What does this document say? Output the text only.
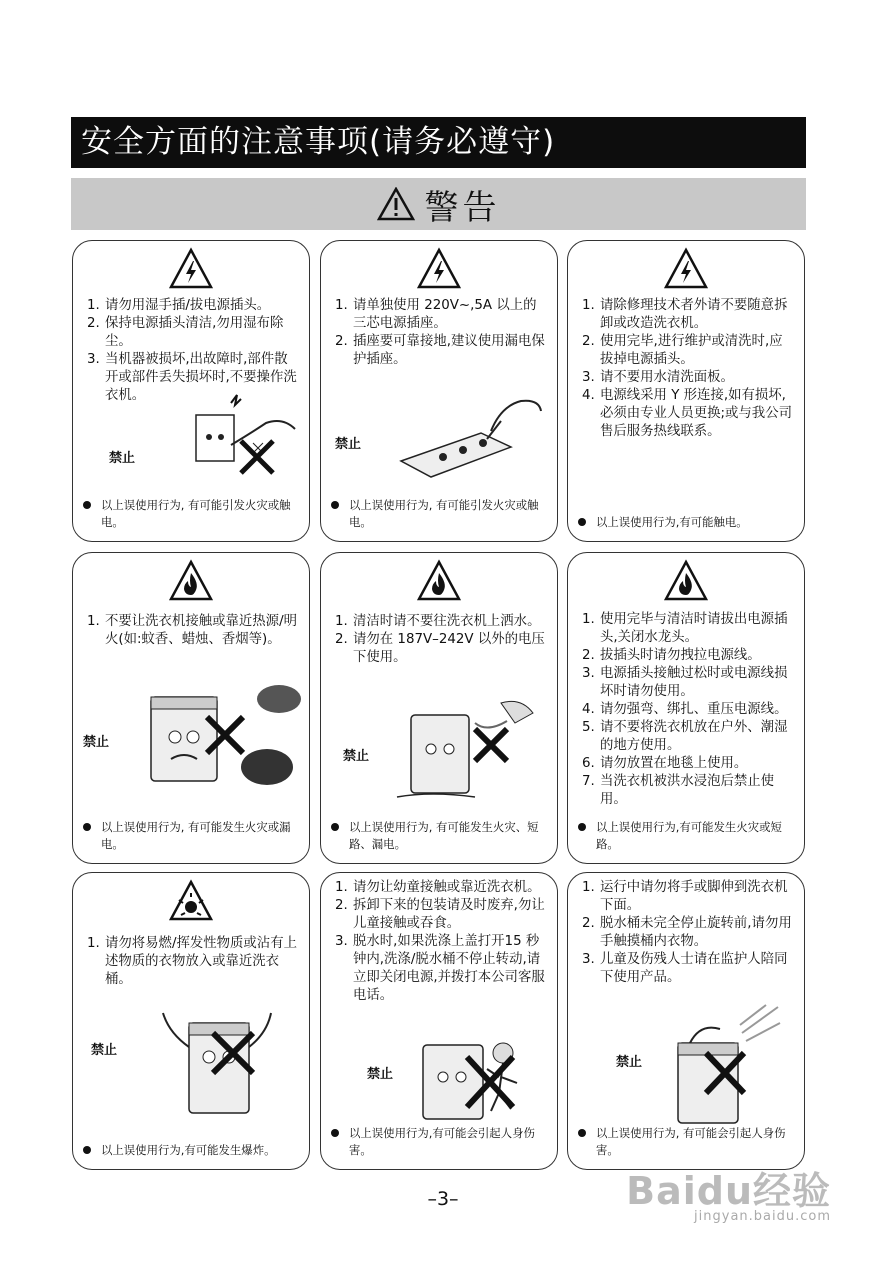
安全方面的注意事项(请务必遵守)
警告
1. 请勿用湿手插/拔电源插头。
2. 保持电源插头清洁,勿用湿布除尘。
3. 当机器被损坏,出故障时,部件散开或部件丢失损坏时,不要操作洗衣机。
禁止
以上误使用行为, 有可能引发火灾或触电。
1. 请单独使用 220V~,5A 以上的三芯电源插座。
2. 插座要可靠接地,建议使用漏电保护插座。
禁止
以上误使用行为, 有可能引发火灾或触电。
1. 请除修理技术者外请不要随意拆卸或改造洗衣机。
2. 使用完毕,进行维护或清洗时,应拔掉电源插头。
3. 请不要用水清洗面板。
4. 电源线采用 Y 形连接,如有损坏,必须由专业人员更换;或与我公司售后服务热线联系。
以上误使用行为,有可能触电。
1. 不要让洗衣机接触或靠近热源/明火(如:蚊香、蜡烛、香烟等)。
禁止
以上误使用行为, 有可能发生火灾或漏电。
1. 清洁时请不要往洗衣机上洒水。
2. 请勿在 187V–242V 以外的电压下使用。
禁止
以上误使用行为, 有可能发生火灾、短路、漏电。
1. 使用完毕与清洁时请拔出电源插头,关闭水龙头。
2. 拔插头时请勿拽拉电源线。
3. 电源插头接触过松时或电源线损坏时请勿使用。
4. 请勿强弯、绑扎、重压电源线。
5. 请不要将洗衣机放在户外、潮湿的地方使用。
6. 请勿放置在地毯上使用。
7. 当洗衣机被洪水浸泡后禁止使用。
以上误使用行为,有可能发生火灾或短路。
1. 请勿将易燃/挥发性物质或沾有上述物质的衣物放入或靠近洗衣桶。
禁止
以上误使用行为,有可能发生爆炸。
1. 请勿让幼童接触或靠近洗衣机。
2. 拆卸下来的包装请及时废弃,勿让儿童接触或吞食。
3. 脱水时,如果洗涤上盖打开15 秒钟内,洗涤/脱水桶不停止转动,请立即关闭电源,并拨打本公司客服电话。
禁止
以上误使用行为,有可能会引起人身伤害。
1. 运行中请勿将手或脚伸到洗衣机下面。
2. 脱水桶未完全停止旋转前,请勿用手触摸桶内衣物。
3. 儿童及伤残人士请在监护人陪同下使用产品。
禁止
以上误使用行为, 有可能会引起人身伤害。
–3–	Baidu经验
jingyan.baidu.com
